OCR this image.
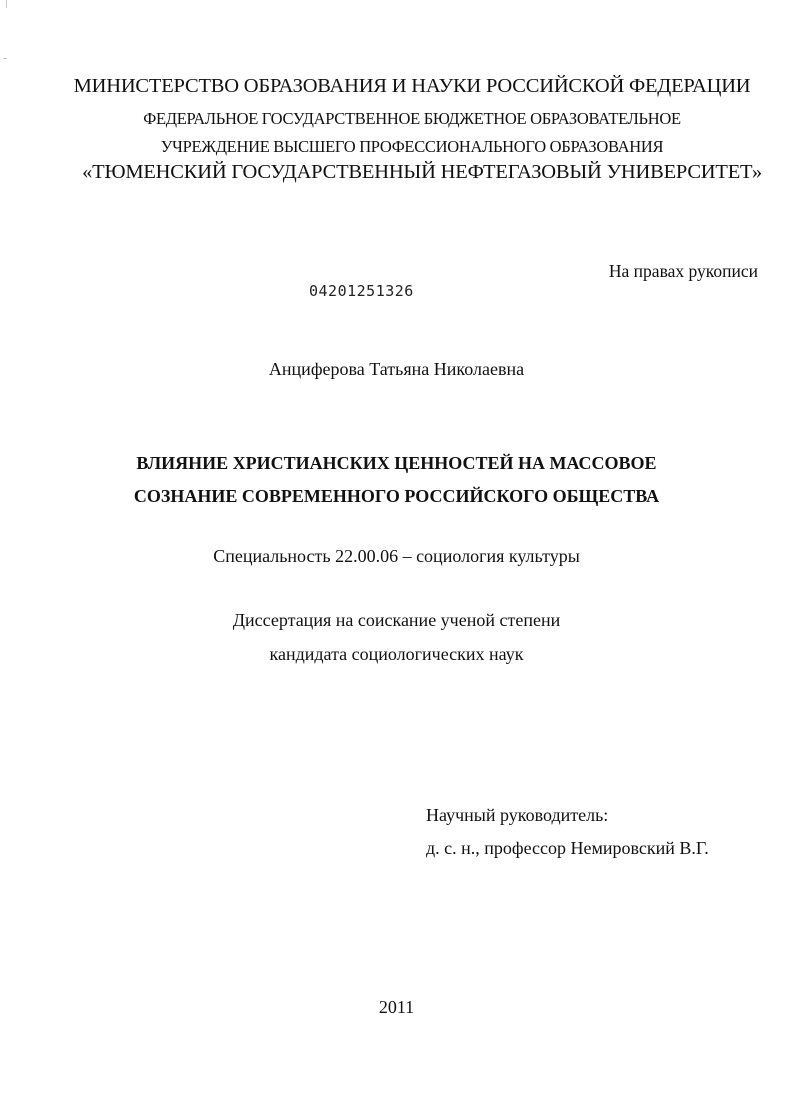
МИНИСТЕРСТВО ОБРАЗОВАНИЯ И НАУКИ РОССИЙСКОЙ ФЕДЕРАЦИИ
ФЕДЕРАЛЬНОЕ ГОСУДАРСТВЕННОЕ БЮДЖЕТНОЕ ОБРАЗОВАТЕЛЬНОЕ
УЧРЕЖДЕНИЕ ВЫСШЕГО ПРОФЕССИОНАЛЬНОГО ОБРАЗОВАНИЯ
«ТЮМЕНСКИЙ ГОСУДАРСТВЕННЫЙ НЕФТЕГАЗОВЫЙ УНИВЕРСИТЕТ»
На правах рукописи
04201251326
Анциферова Татьяна Николаевна
ВЛИЯНИЕ ХРИСТИАНСКИХ ЦЕННОСТЕЙ НА МАССОВОЕ
СОЗНАНИЕ СОВРЕМЕННОГО РОССИЙСКОГО ОБЩЕСТВА
Специальность 22.00.06 – социология культуры
Диссертация на соискание ученой степени
кандидата социологических наук
Научный руководитель:
д. с. н., профессор Немировский В.Г.
2011
